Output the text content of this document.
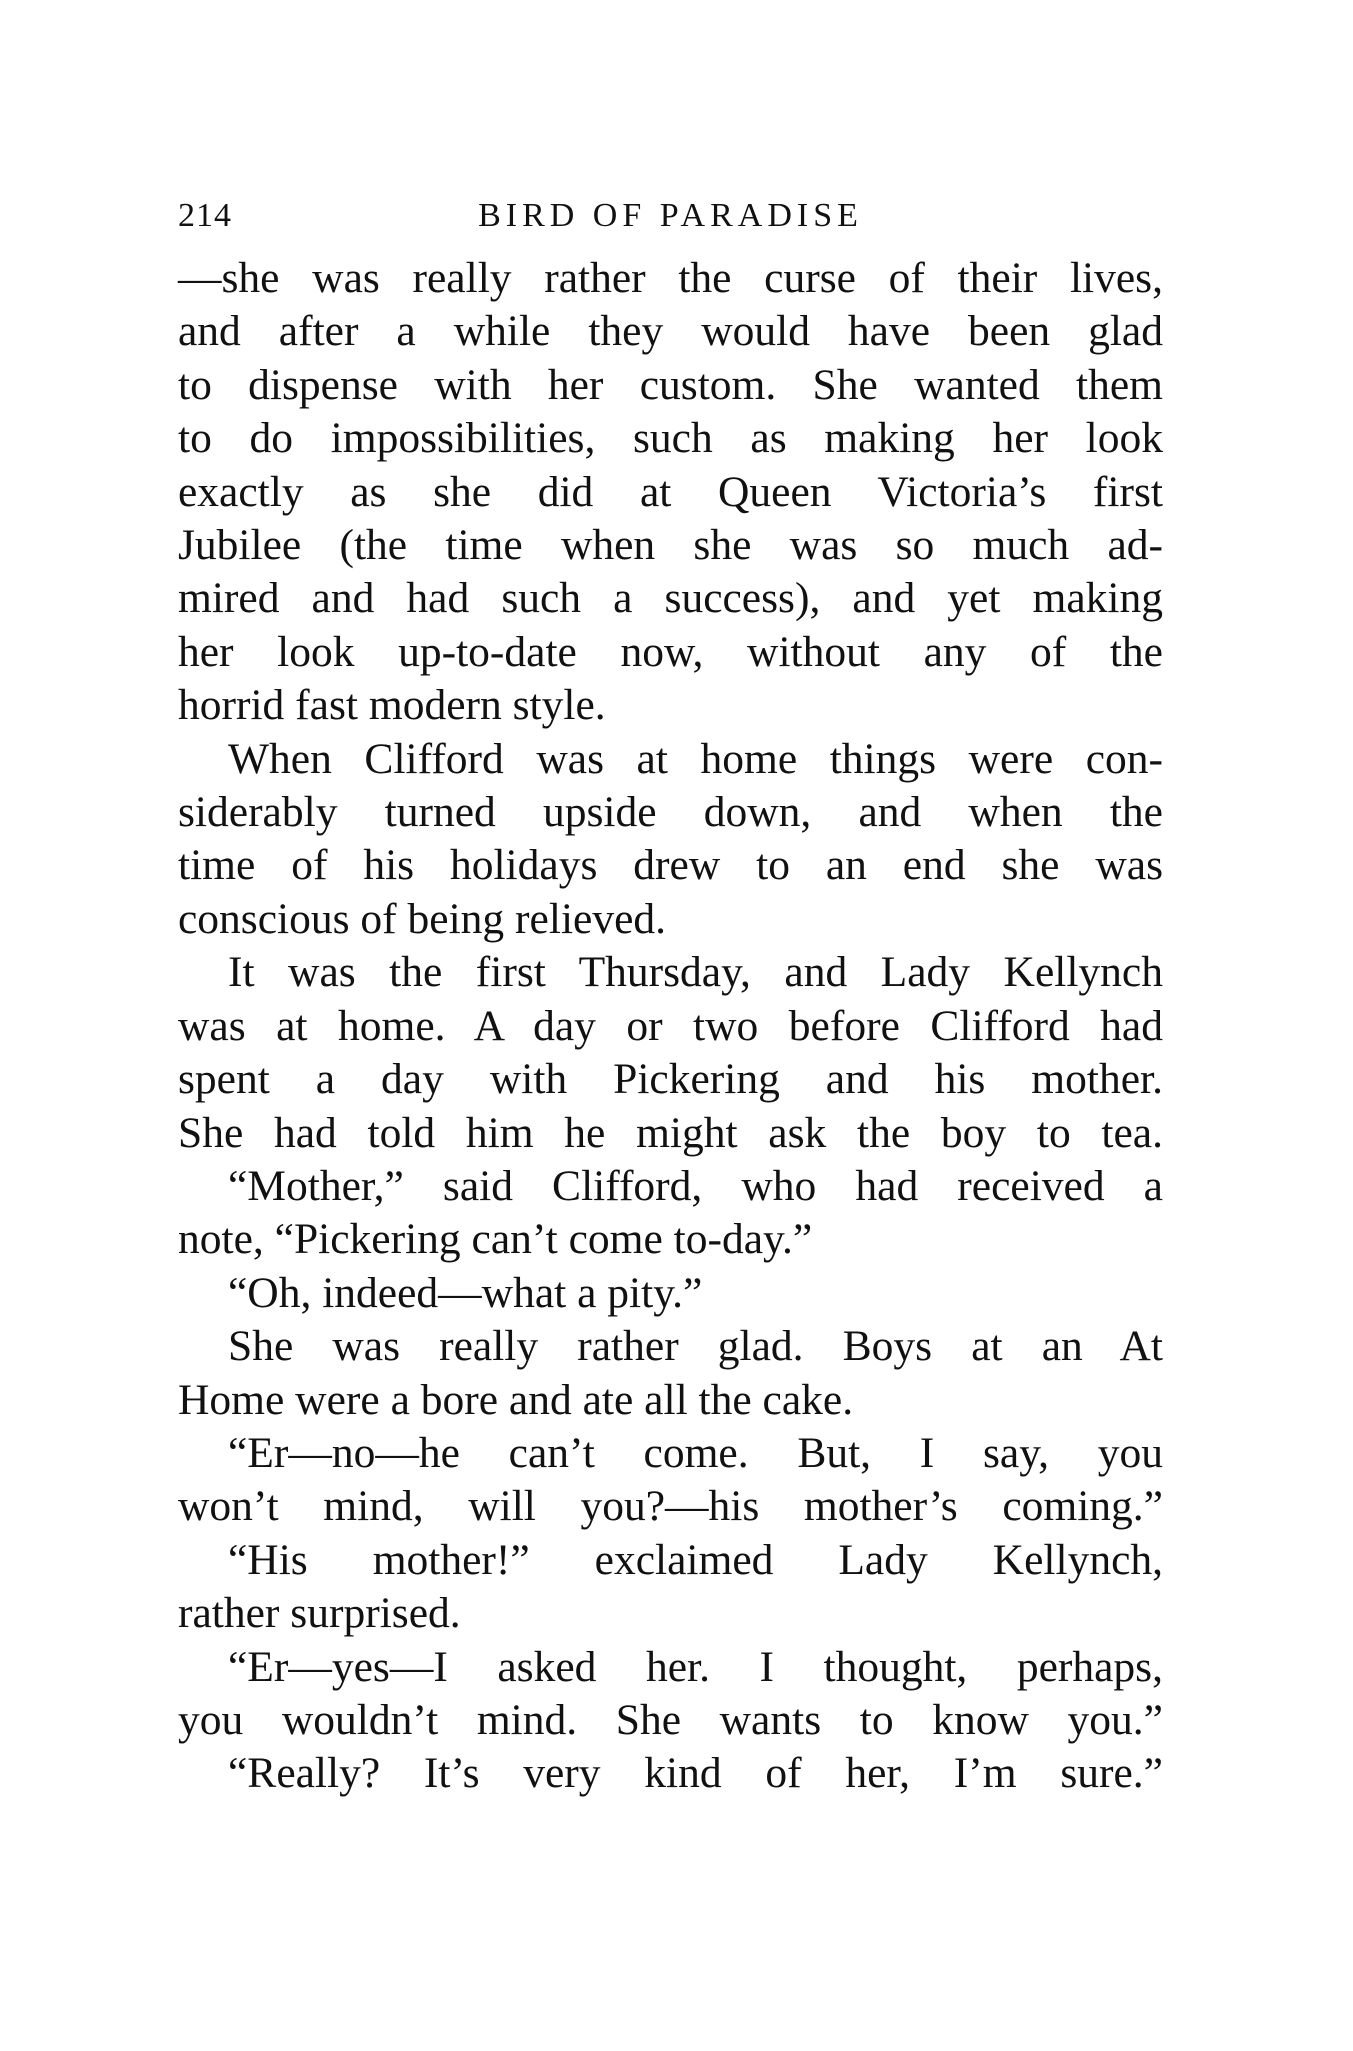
214	BIRD OF PARADISE
—she was really rather the curse of their lives,
and after a while they would have been glad
to dispense with her custom. She wanted them
to do impossibilities, such as making her look
exactly as she did at Queen Victoria’s first
Jubilee (the time when she was so much ad-
mired and had such a success), and yet making
her look up-to-date now, without any of the
horrid fast modern style.
When Clifford was at home things were con-
siderably turned upside down, and when the
time of his holidays drew to an end she was
conscious of being relieved.
It was the first Thursday, and Lady Kellynch
was at home. A day or two before Clifford had
spent a day with Pickering and his mother.
She had told him he might ask the boy to tea.
“Mother,” said Clifford, who had received a
note, “Pickering can’t come to-day.”
“Oh, indeed—what a pity.”
She was really rather glad. Boys at an At
Home were a bore and ate all the cake.
“Er—no—he can’t come. But, I say, you
won’t mind, will you?—his mother’s coming.”
“His mother!” exclaimed Lady Kellynch,
rather surprised.
“Er—yes—I asked her. I thought, perhaps,
you wouldn’t mind. She wants to know you.”
“Really? It’s very kind of her, I’m sure.”
